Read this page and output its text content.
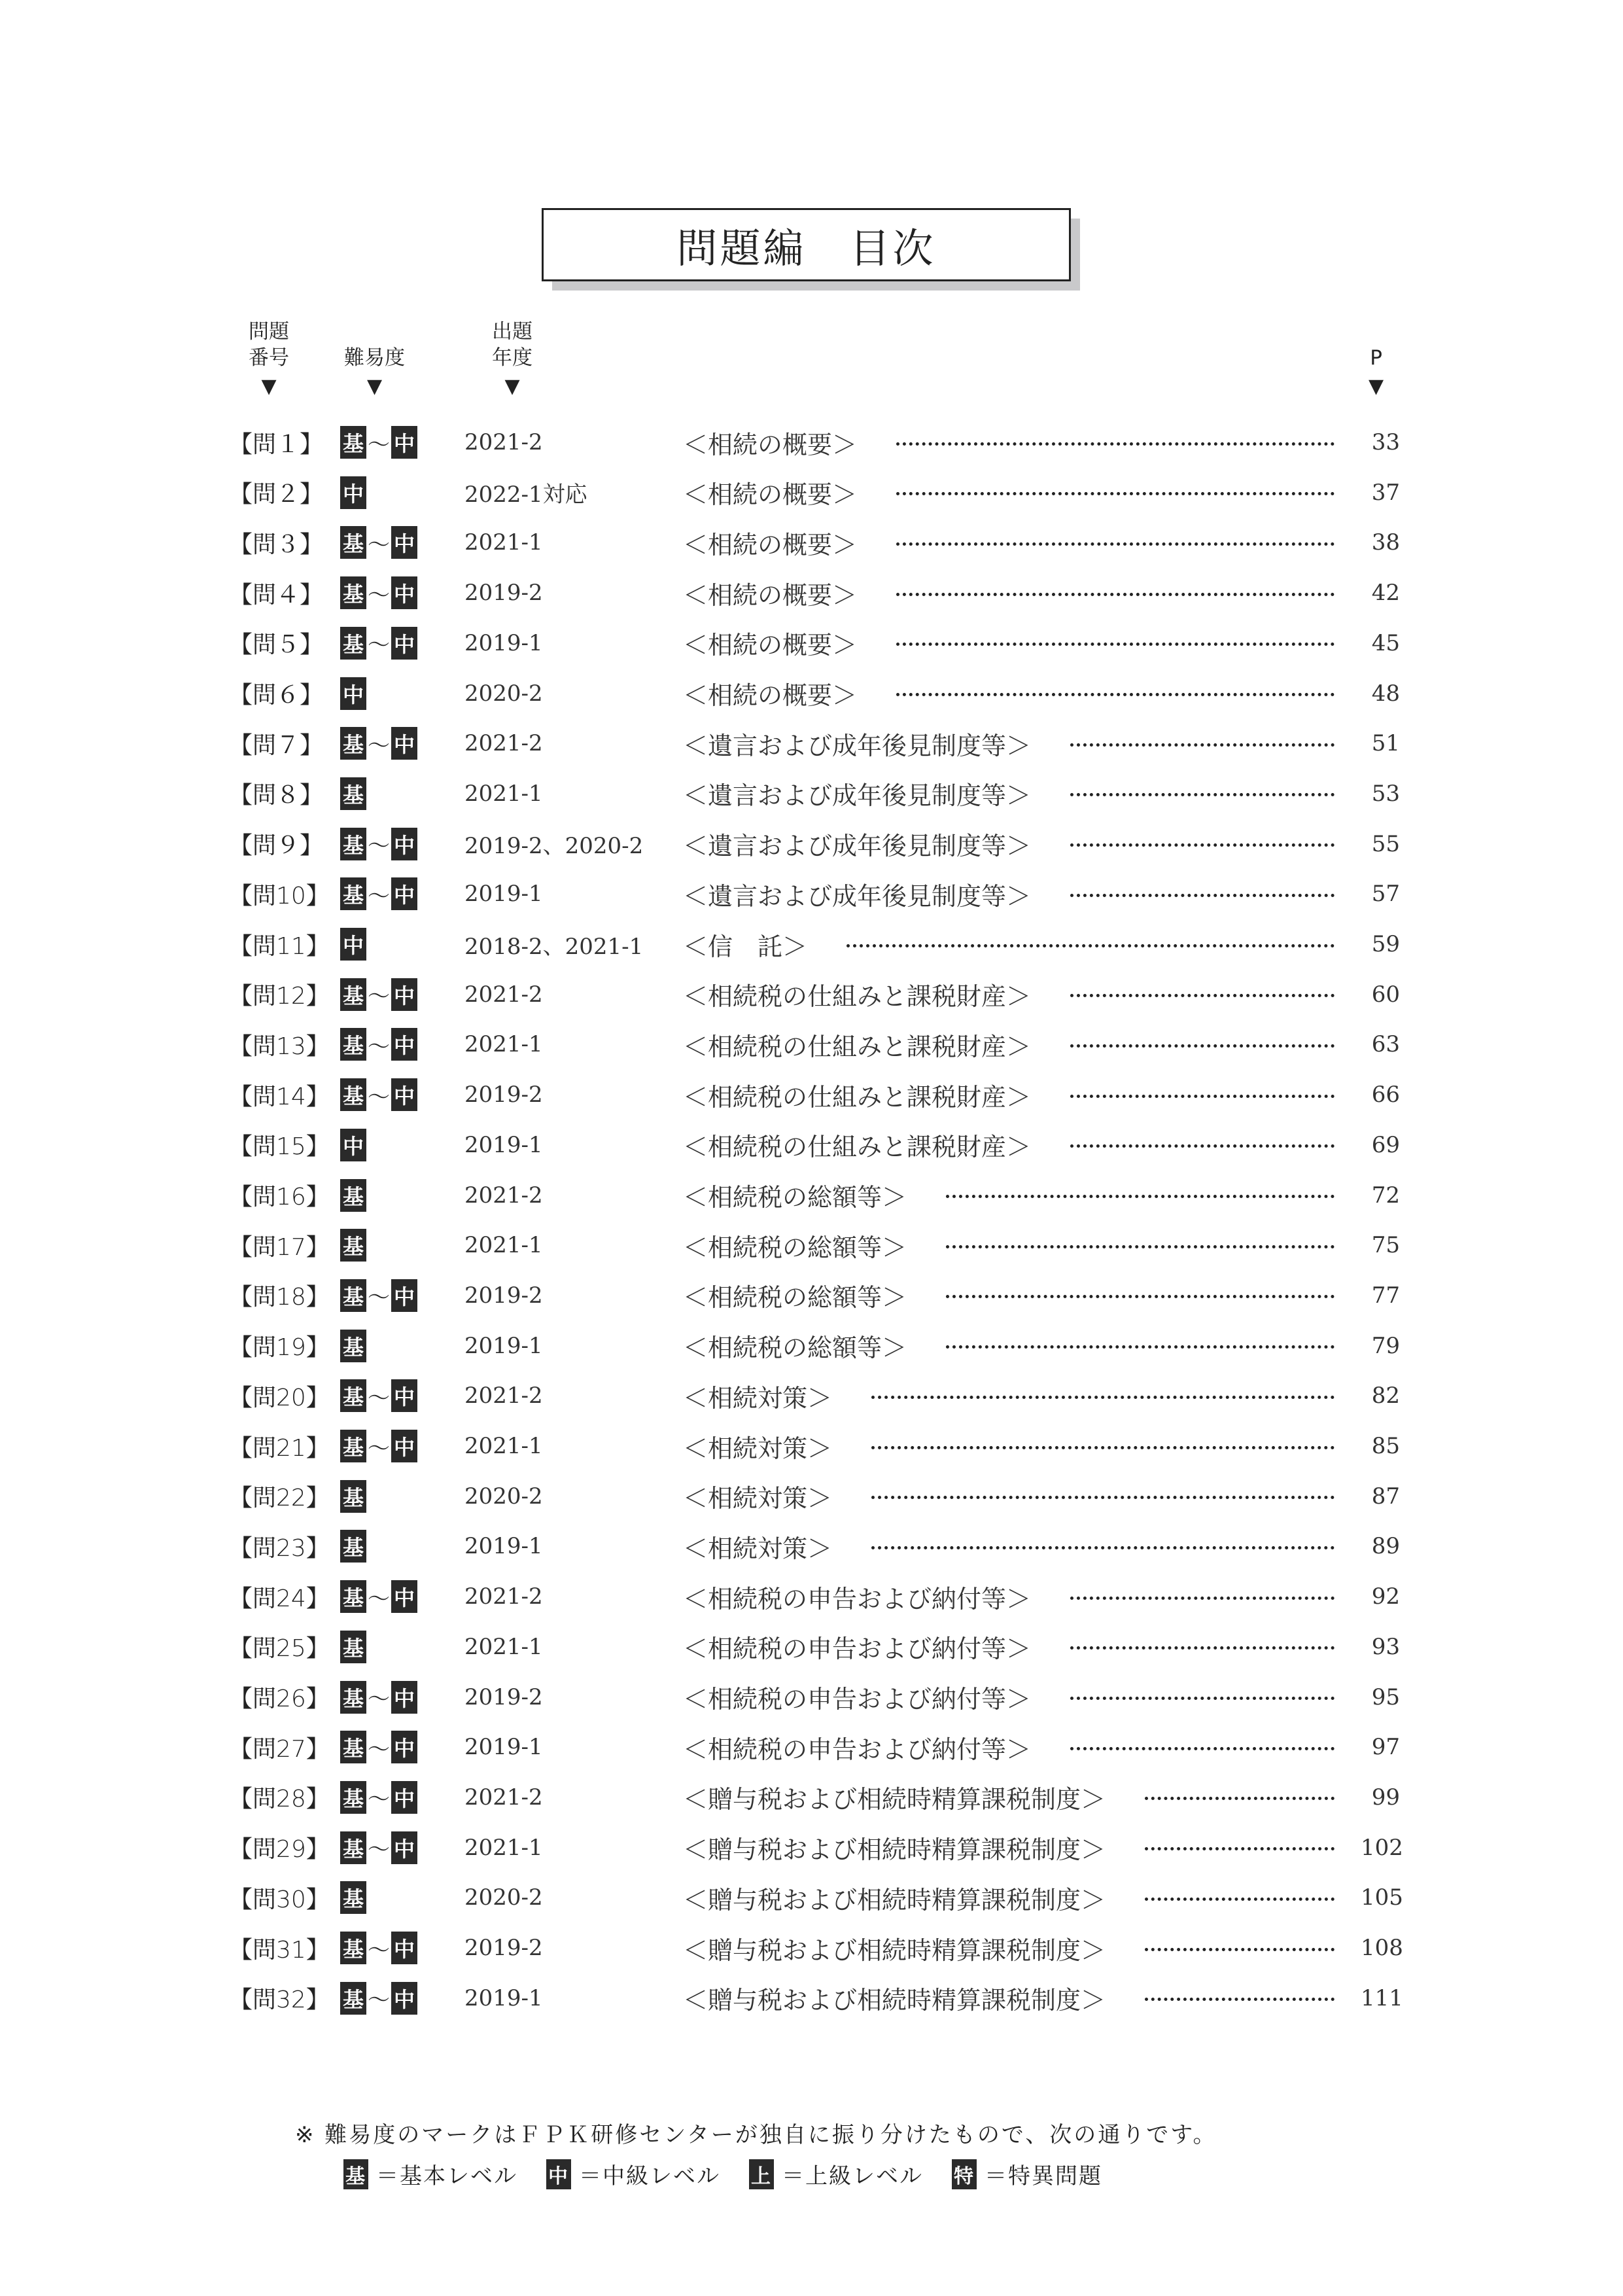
問題編　目次
問題
番号
▼
難易度
▼
出題
年度
▼
P
▼
【問１】 基 ～ 中 2021-2	＜相続の概要＞	33
【問２】 中	2022-1対応	＜相続の概要＞	37
【問３】 基 ～ 中 2021-1	＜相続の概要＞	38
【問４】 基 ～ 中 2019-2	＜相続の概要＞	42
【問５】 基 ～ 中 2019-1	＜相続の概要＞	45
【問６】 中	2020-2	＜相続の概要＞	48
【問７】 基 ～ 中 2021-2	＜遺言および成年後見制度等＞	51
【問８】 基	2021-1	＜遺言および成年後見制度等＞	53
【問９】 基 ～ 中 2019-2、2020-2	＜遺言および成年後見制度等＞	55
【問10】 基 ～ 中 2019-1	＜遺言および成年後見制度等＞	57
【問11】 中	2018-2、2021-1	＜信　託＞	59
【問12】 基 ～ 中 2021-2	＜相続税の仕組みと課税財産＞	60
【問13】 基 ～ 中 2021-1	＜相続税の仕組みと課税財産＞	63
【問14】 基 ～ 中 2019-2	＜相続税の仕組みと課税財産＞	66
【問15】 中	2019-1	＜相続税の仕組みと課税財産＞	69
【問16】 基	2021-2	＜相続税の総額等＞	72
【問17】 基	2021-1	＜相続税の総額等＞	75
【問18】 基 ～ 中 2019-2	＜相続税の総額等＞	77
【問19】 基	2019-1	＜相続税の総額等＞	79
【問20】 基 ～ 中 2021-2	＜相続対策＞	82
【問21】 基 ～ 中 2021-1	＜相続対策＞	85
【問22】 基	2020-2	＜相続対策＞	87
【問23】 基	2019-1	＜相続対策＞	89
【問24】 基 ～ 中 2021-2	＜相続税の申告および納付等＞	92
【問25】 基	2021-1	＜相続税の申告および納付等＞	93
【問26】 基 ～ 中 2019-2	＜相続税の申告および納付等＞	95
【問27】 基 ～ 中 2019-1	＜相続税の申告および納付等＞	97
【問28】 基 ～ 中 2021-2	＜贈与税および相続時精算課税制度＞	99
【問29】 基 ～ 中 2021-1	＜贈与税および相続時精算課税制度＞	102
【問30】 基	2020-2	＜贈与税および相続時精算課税制度＞	105
【問31】 基 ～ 中 2019-2	＜贈与税および相続時精算課税制度＞	108
【問32】 基 ～ 中 2019-1	＜贈与税および相続時精算課税制度＞	111
※ 難易度のマークはＦＰＫ研修センターが独自に振り分けたもので、次の通りです。
基 ＝基本レベル 中 ＝中級レベル 上 ＝上級レベル 特 ＝特異問題
